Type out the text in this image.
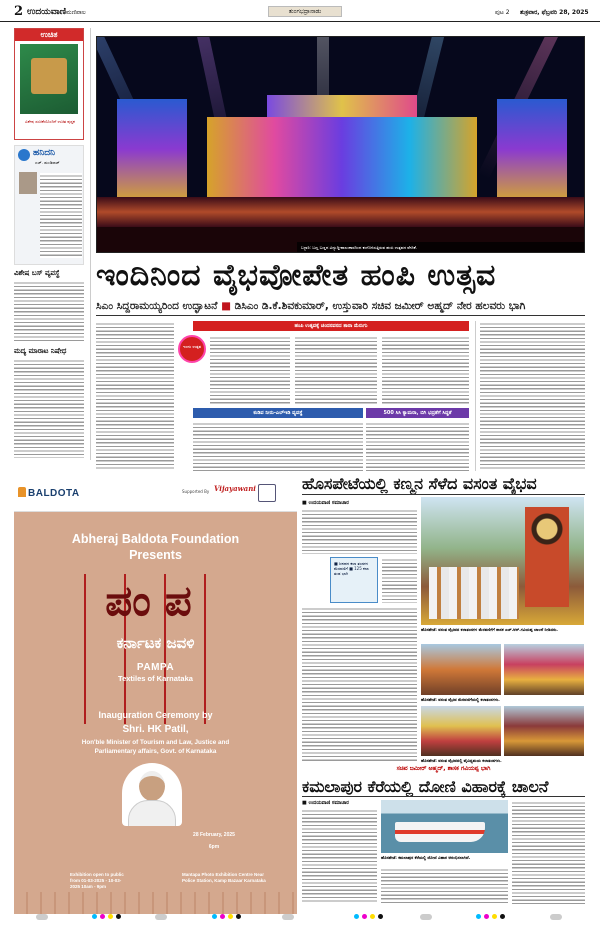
2 ಉದಯವಾಣಿ ಮಣಿಪಾಲ	ತುಂಗಭದ್ರಾನಾಡು	ಪುಟ 2 ಶುಕ್ರವಾರ, ಫೆಬ್ರವರಿ 28, 2025
ಉಚಿತ
ವಿಶೇಷ ಸಂಚಿಕೆಯೊಂದಿಗೆ ಉಚಿತ ಪುಸ್ತಕ
ಹನಿದನಿ
ಎಚ್. ಡುಂಡಿರಾಜ್
ವಿಶೇಷ ಬಸ್ ವ್ಯವಸ್ಥೆ
ಮದ್ಯ ಮಾರಾಟ ನಿಷೇಧ
ಬಳ್ಳಾರಿ: ಬಣ್ಣ ಬಣ್ಣದ ವಿದ್ಯುದ್ದೀಪಾಲಂಕಾರದಿಂದ ಕಂಗೊಳಿಸುತ್ತಿರುವ ಹಂಪಿ ಉತ್ಸವದ ವೇದಿಕೆ.
ಇಂದಿನಿಂದ ವೈಭವೋಪೇತ ಹಂಪಿ ಉತ್ಸವ
ಸಿಎಂ ಸಿದ್ದರಾಮಯ್ಯರಿಂದ ಉದ್ಘಾಟನೆ ■ ಡಿಸಿಎಂ ಡಿ.ಕೆ.ಶಿವಕುಮಾರ್, ಉಸ್ತುವಾರಿ ಸಚಿವ ಜಮೀರ್ ಅಹ್ಮದ್ ನೇರ ಹಲವರು ಭಾಗಿ
ಹಂಪಿ ಉತ್ಸವಕ್ಕೆ ಚಂದನವನದ ತಾರಾ ಮೆರುಗು
ಇಂದು ಉತ್ಸವ
ಕುಡಿವ ನೀರು-ಎಲ್ಇಡಿ ವ್ಯವಸ್ಥೆ	500 ಸಿಸಿ ಕ್ಯಾಮರಾ, ಬಿಗಿ ಭದ್ರತೆಗೆ ಸಿದ್ಧತೆ
BALDOTA	Supported By Vijayawani
Abheraj Baldota Foundation
Presents
ಪಂಪ
ಕರ್ನಾಟಕ ಜವಳಿ
PAMPA
Textiles of Karnataka
Inauguration Ceremony by
Shri. HK Patil,
Hon'ble Minister of Tourism and Law, Justice and
Parliamentary affairs, Govt. of Karnataka
28 February, 2025
6pm
Exhibition open to public from 01-03-2025 - 10-03-2025 10am - 9pm
Mantapa Photo Exhibition Centre Near Police Station, Kamp Bazaar Karnataka
ಹೊಸಪೇಟೆಯಲ್ಲಿ ಕಣ್ಮನ ಸೆಳೆದ ವಸಂತ ವೈಭವ
■ ಉದಯವಾಣಿ ಸಮಾಚಾರ
■ ಜನಪದ ಕಲಾ ತಂಡಗಳ ಮೆರವಣಿಗೆ ■ 125 ಕಲಾ ತಂಡ ಭಾಗಿ
ಹೊಸಪೇಟೆ: ವಸಂತ ವೈಭವದ ಕಲಾತಂಡಗಳ ಮೆರವಣಿಗೆಗೆ ಶಾಸಕ ಎಚ್.ಆರ್.ಗವಿಯಪ್ಪ ಚಾಲನೆ ನೀಡಿದರು.
ಹೊಸಪೇಟೆ: ವಸಂತ ವೈಭವ ಮೆರವಣಿಗೆಯಲ್ಲಿ ಕಲಾತಂಡಗಳು.
ಹೊಸಪೇಟೆ: ವಸಂತ ವೈಭವದಲ್ಲಿ ವೈವಿಧ್ಯಮಯ ಕಲಾತಂಡಗಳು.
ಸಚಿವ ಜಮೀರ್ ಅಹ್ಮದ್, ಶಾಸಕ ಗವಿಯಪ್ಪ ಭಾಗಿ
ಕಮಲಾಪುರ ಕೆರೆಯಲ್ಲಿ ದೋಣಿ ವಿಹಾರಕ್ಕೆ ಚಾಲನೆ
■ ಉದಯವಾಣಿ ಸಮಾಚಾರ
ಹೊಸಪೇಟೆ: ಕಮಲಾಪುರ ಕೆರೆಯಲ್ಲಿ ದೋಣಿ ವಿಹಾರ ಆರಂಭಿಸಲಾಗಿದೆ.
